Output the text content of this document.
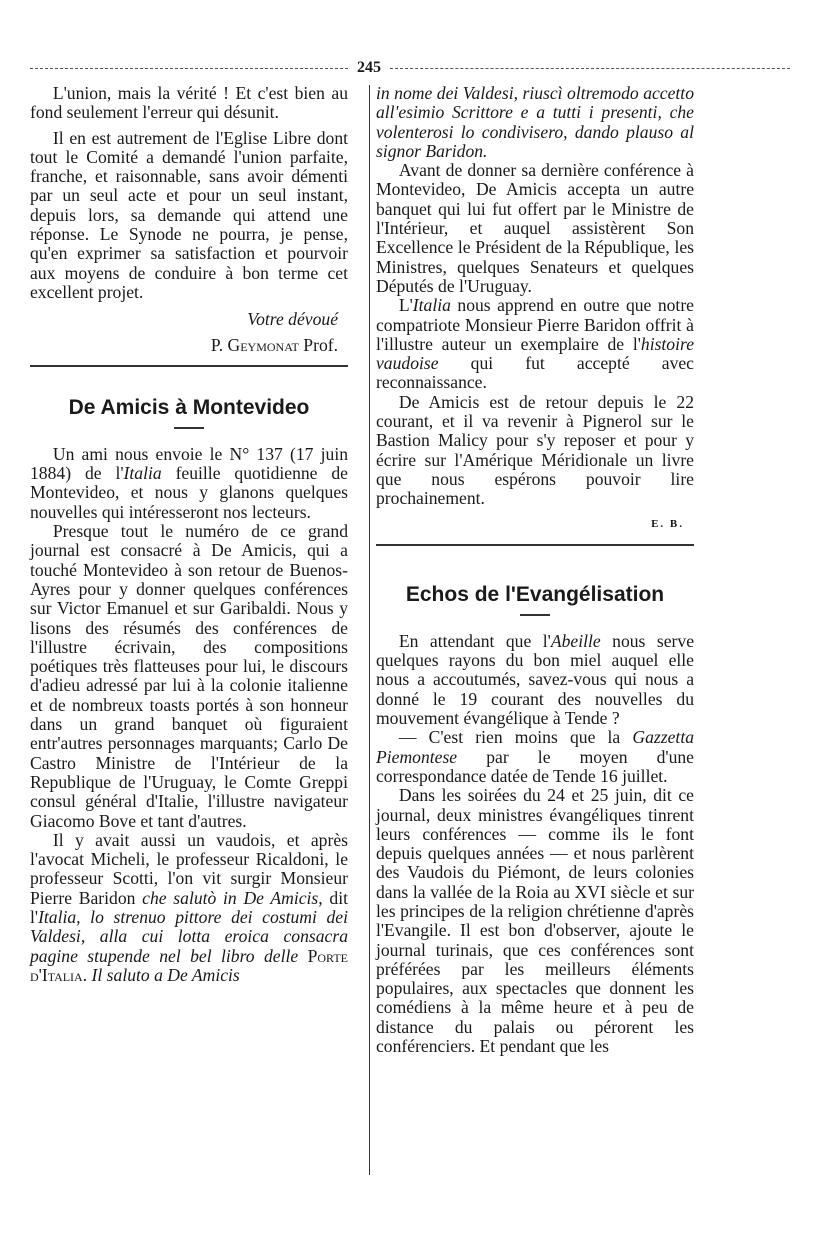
245

L'union, mais la vérité ! Et c'est bien au fond seulement l'erreur qui désunit.

Il en est autrement de l'Eglise Libre dont tout le Comité a demandé l'union parfaite, franche, et raisonnable, sans avoir démenti par un seul acte et pour un seul instant, depuis lors, sa demande qui attend une réponse. Le Synode ne pourra, je pense, qu'en exprimer sa satisfaction et pourvoir aux moyens de conduire à bon terme cet excellent projet.

Votre dévoué

P. Geymonat Prof.

De Amicis à Montevideo

Un ami nous envoie le N° 137 (17 juin 1884) de l'Italia feuille quotidienne de Montevideo, et nous y glanons quelques nouvelles qui intéresseront nos lecteurs.

Presque tout le numéro de ce grand journal est consacré à De Amicis, qui a touché Montevideo à son retour de Buenos-Ayres pour y donner quelques conférences sur Victor Emanuel et sur Garibaldi. Nous y lisons des résumés des conférences de l'illustre écrivain, des compositions poétiques très flatteuses pour lui, le discours d'adieu adressé par lui à la colonie italienne et de nombreux toasts portés à son honneur dans un grand banquet où figuraient entr'autres personnages marquants; Carlo De Castro Ministre de l'Intérieur de la Republique de l'Uruguay, le Comte Greppi consul général d'Italie, l'illustre navigateur Giacomo Bove et tant d'autres.

Il y avait aussi un vaudois, et après l'avocat Micheli, le professeur Ricaldoni, le professeur Scotti, l'on vit surgir Monsieur Pierre Baridon che salutò in De Amicis, dit l'Italia, lo strenuo pittore dei costumi dei Valdesi, alla cui lotta eroica consacra pagine stupende nel bel libro delle Porte d'Italia. Il saluto a De Amicis

in nome dei Valdesi, riuscì oltremodo accetto all'esimio Scrittore e a tutti i presenti, che volenterosi lo condivisero, dando plauso al signor Baridon.

Avant de donner sa dernière conférence à Montevideo, De Amicis accepta un autre banquet qui lui fut offert par le Ministre de l'Intérieur, et auquel assistèrent Son Excellence le Président de la République, les Ministres, quelques Senateurs et quelques Députés de l'Uruguay.

L'Italia nous apprend en outre que notre compatriote Monsieur Pierre Baridon offrit à l'illustre auteur un exemplaire de l'histoire vaudoise qui fut accepté avec reconnaissance.

De Amicis est de retour depuis le 22 courant, et il va revenir à Pignerol sur le Bastion Malicy pour s'y reposer et pour y écrire sur l'Amérique Méridionale un livre que nous espérons pouvoir lire prochainement.

E. B.

Echos de l'Evangélisation

En attendant que l'Abeille nous serve quelques rayons du bon miel auquel elle nous a accoutumés, savez-vous qui nous a donné le 19 courant des nouvelles du mouvement évangélique à Tende ?

— C'est rien moins que la Gazzetta Piemontese par le moyen d'une correspondance datée de Tende 16 juillet.

Dans les soirées du 24 et 25 juin, dit ce journal, deux ministres évangéliques tinrent leurs conférences — comme ils le font depuis quelques années — et nous parlèrent des Vaudois du Piémont, de leurs colonies dans la vallée de la Roia au XVI siècle et sur les principes de la religion chrétienne d'après l'Evangile. Il est bon d'observer, ajoute le journal turinais, que ces conférences sont préférées par les meilleurs éléments populaires, aux spectacles que donnent les comédiens à la même heure et à peu de distance du palais ou pérorent les conférenciers. Et pendant que les
